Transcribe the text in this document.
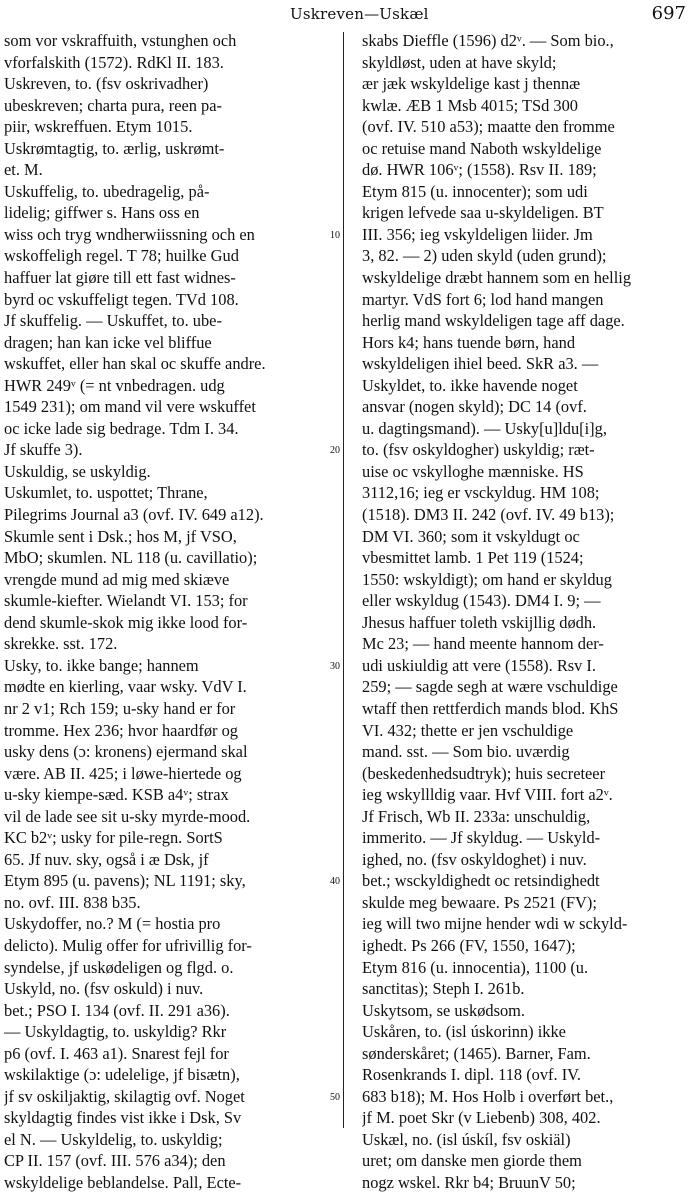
Uskreven—Uskæl	697
som vor vskraffuith, vstunghen och
vforfalskith (1572). RdKl II. 183.
Uskreven, to. (fsv oskrivadher)
ubeskreven; charta pura, reen pa-
piir, wskreffuen. Etym 1015.
Uskrømtagtig, to. ærlig, uskrømt-
et. M.
Uskuffelig, to. ubedragelig, på-
lidelig; giffwer s. Hans oss en
wiss och tryg wndherwiissning och en
wskoffeligh regel. T 78; huilke Gud
haffuer lat giøre till ett fast widnes-
byrd oc vskuffeligt tegen. TVd 108.
Jf skuffelig. — Uskuffet, to. ube-
dragen; han kan icke vel bliffue
wskuffet, eller han skal oc skuffe andre.
HWR 249ᵛ (= nt vnbedragen. udg
1549 231); om mand vil vere wskuffet
oc icke lade sig bedrage. Tdm I. 34.
Jf skuffe 3).
Uskuldig, se uskyldig.
Uskumlet, to. uspottet; Thrane,
Pilegrims Journal a3 (ovf. IV. 649 a12).
Skumle sent i Dsk.; hos M, jf VSO,
MbO; skumlen. NL 118 (u. cavillatio);
vrengde mund ad mig med skiæve
skumle-kiefter. Wielandt VI. 153; for
dend skumle-skok mig ikke lood for-
skrekke. sst. 172.
Usky, to. ikke bange; hannem
mødte en kierling, vaar wsky. VdV I.
nr 2 v1; Rch 159; u-sky hand er for
tromme. Hex 236; hvor haardfør og
usky dens (ɔ: kronens) ejermand skal
være. AB II. 425; i løwe-hiertede og
u-sky kiempe-sæd. KSB a4ᵛ; strax
vil de lade see sit u-sky myrde-mood.
KC b2ᵛ; usky for pile-regn. SortS
65. Jf nuv. sky, også i æ Dsk, jf
Etym 895 (u. pavens); NL 1191; sky,
no. ovf. III. 838 b35.
Uskydoffer, no.? M (= hostia pro
delicto). Mulig offer for ufrivillig for-
syndelse, jf uskødeligen og flgd. o.
Uskyld, no. (fsv oskuld) i nuv.
bet.; PSO I. 134 (ovf. II. 291 a36).
— Uskyldagtig, to. uskyldig? Rkr
p6 (ovf. I. 463 a1). Snarest fejl for
wskilaktige (ɔ: udelelige, jf bisætn),
jf sv oskiljaktig, skilagtig ovf. Noget
skyldagtig findes vist ikke i Dsk, Sv
el N. — Uskyldelig, to. uskyldig;
CP II. 157 (ovf. III. 576 a34); den
wskyldelige beblandelse. Pall, Ecte-
skabs Dieffle (1596) d2ᵛ. — Som bio.,
skyldløst, uden at have skyld;
ær jæk wskyldelige kast j thennæ
kwlæ. ÆB 1 Msb 4015; TSd 300
(ovf. IV. 510 a53); maatte den fromme
oc retuise mand Naboth wskyldelige
dø. HWR 106ᵛ; (1558). Rsv II. 189;
Etym 815 (u. innocenter); som udi
krigen lefvede saa u-skyldeligen. BT
III. 356; ieg vskyldeligen liider. Jm
3, 82. — 2) uden skyld (uden grund);
wskyldelige dræbt hannem som en hellig
martyr. VdS fort 6; lod hand mangen
herlig mand wskyldeligen tage aff dage.
Hors k4; hans tuende børn, hand
wskyldeligen ihiel beed. SkR a3. —
Uskyldet, to. ikke havende noget
ansvar (nogen skyld); DC 14 (ovf.
u. dagtingsmand). — Usky[u]ldu[i]g,
to. (fsv oskyldogher) uskyldig; ræt-
uise oc vskylloghe mænniske. HS
3112,16; ieg er vsckyldug. HM 108;
(1518). DM3 II. 242 (ovf. IV. 49 b13);
DM VI. 360; som it vskyldugt oc
vbesmittet lamb. 1 Pet 119 (1524;
1550: wskyldigt); om hand er skyldug
eller wskyldug (1543). DM4 I. 9; —
Jhesus haffuer toleth vskijllig dødh.
Mc 23; — hand meente hannom der-
udi uskiuldig att vere (1558). Rsv I.
259; — sagde segh at wære vschuldige
wtaff then rettferdich mands blod. KhS
VI. 432; thette er jen vschuldige
mand. sst. — Som bio. uværdig
(beskedenhedsudtryk); huis secreteer
ieg wskyllldig vaar. Hvf VIII. fort a2ᵛ.
Jf Frisch, Wb II. 233a: unschuldig,
immerito. — Jf skyldug. — Uskyld-
ighed, no. (fsv oskyldoghet) i nuv.
bet.; wsckyldighedt oc retsindighedt
skulde meg bewaare. Ps 2521 (FV);
ieg will two mijne hender wdi w sckyld-
ighedt. Ps 266 (FV, 1550, 1647);
Etym 816 (u. innocentia), 1100 (u.
sanctitas); Steph I. 261b.
Uskytsom, se uskødsom.
Uskåren, to. (isl úskorinn) ikke
sønderskåret; (1465). Barner, Fam.
Rosenkrands I. dipl. 118 (ovf. IV.
683 b18); M. Hos Holb i overført bet.,
jf M. poet Skr (v Liebenb) 308, 402.
Uskæl, no. (isl úskíl, fsv oskiäl)
uret; om danske men giorde them
nogz wskel. Rkr b4; BruunV 50;
10
20
30
40
50
